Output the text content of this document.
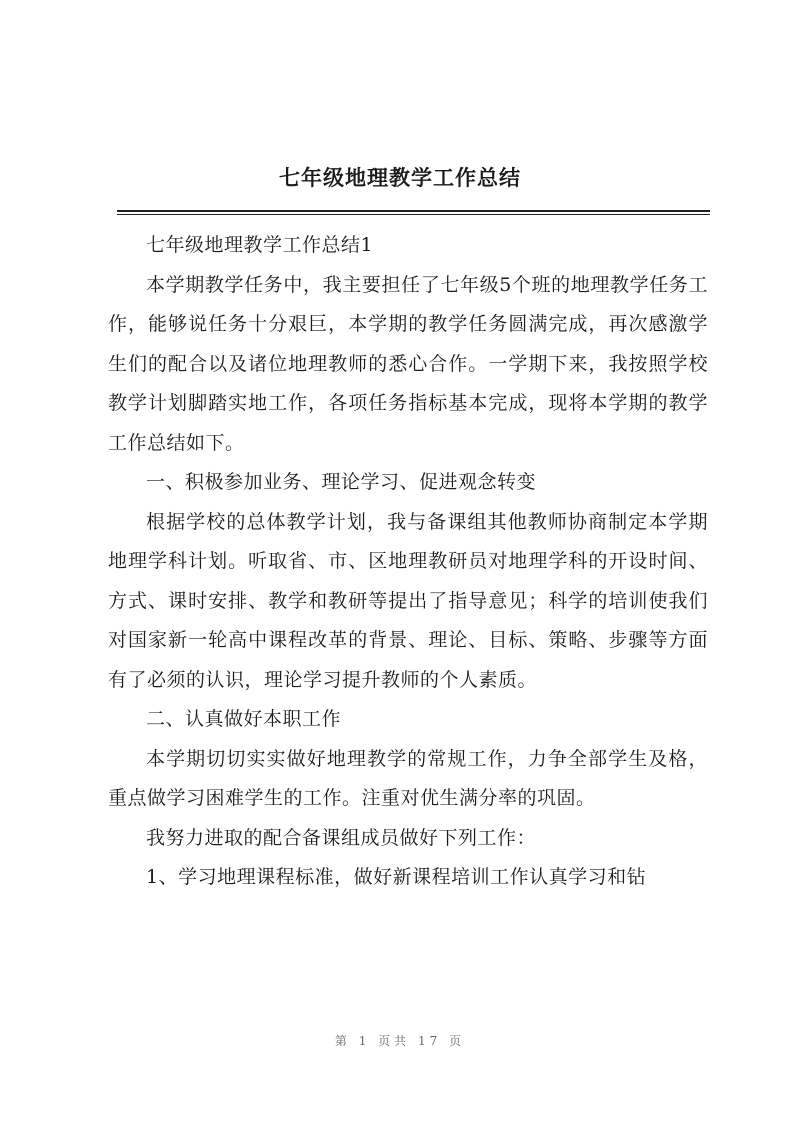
七年级地理教学工作总结

七年级地理教学工作总结1

本学期教学任务中，我主要担任了七年级5个班的地理教学任务工作，能够说任务十分艰巨，本学期的教学任务圆满完成，再次感激学生们的配合以及诸位地理教师的悉心合作。一学期下来，我按照学校教学计划脚踏实地工作，各项任务指标基本完成，现将本学期的教学工作总结如下。

一、积极参加业务、理论学习、促进观念转变

根据学校的总体教学计划，我与备课组其他教师协商制定本学期地理学科计划。听取省、市、区地理教研员对地理学科的开设时间、方式、课时安排、教学和教研等提出了指导意见；科学的培训使我们对国家新一轮高中课程改革的背景、理论、目标、策略、步骤等方面有了必须的认识，理论学习提升教师的个人素质。

二、认真做好本职工作

本学期切切实实做好地理教学的常规工作，力争全部学生及格，重点做学习困难学生的工作。注重对优生满分率的巩固。

我努力进取的配合备课组成员做好下列工作：

1、学习地理课程标准，做好新课程培训工作认真学习和钻

第 1 页共 17 页
